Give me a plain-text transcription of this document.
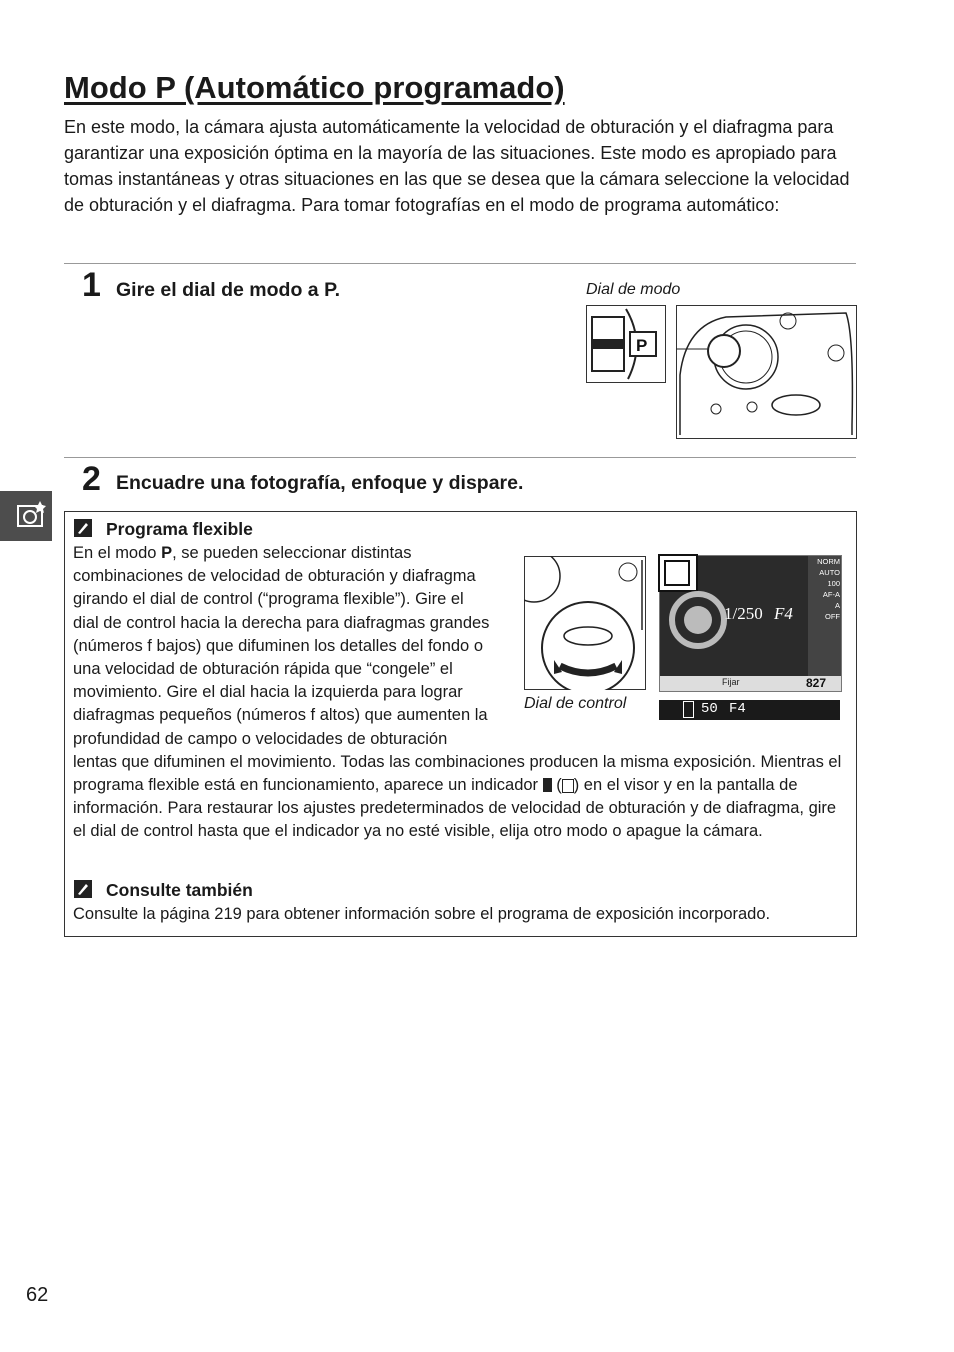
Modo P (Automático programado)

En este modo, la cámara ajusta automáticamente la velocidad de obturación y el diafragma para garantizar una exposición óptima en la mayoría de las situaciones. Este modo es apropiado para tomas instantáneas y otras situaciones en las que se desea que la cámara seleccione la velocidad de obturación y el diafragma. Para tomar fotografías en el modo de programa automático:

1 Gire el dial de modo a P.	Dial de modo
P
2 Encuadre una fotografía, enfoque y dispare.
Programa flexible

En el modo P, se pueden seleccionar distintas combinaciones de velocidad de obturación y diafragma girando el dial de control (“programa flexible”). Gire el dial de control hacia la derecha para diafragmas grandes (números f bajos) que difuminen los detalles del fondo o una velocidad de obturación rápida que “congele” el movimiento. Gire el dial hacia la izquierda para lograr diafragmas pequeños (números f altos) que aumenten la profundidad de campo o velocidades de obturación lentas que difuminen el movimiento. Todas las combinaciones producen la misma exposición. Mientras el programa flexible está en funcionamiento, aparece un indicador  ( ) en el visor y en la pantalla de información. Para restaurar los ajustes predeterminados de velocidad de obturación y de diafragma, gire el dial de control hasta que el indicador ya no esté visible, elija otro modo o apague la cámara.

Dial de control
1/250 F4
NORM
AUTO
100
AF-A
A
OFF
Fijar	827
50 F4
Consulte también

Consulte la página 219 para obtener información sobre el programa de exposición incorporado.

62
